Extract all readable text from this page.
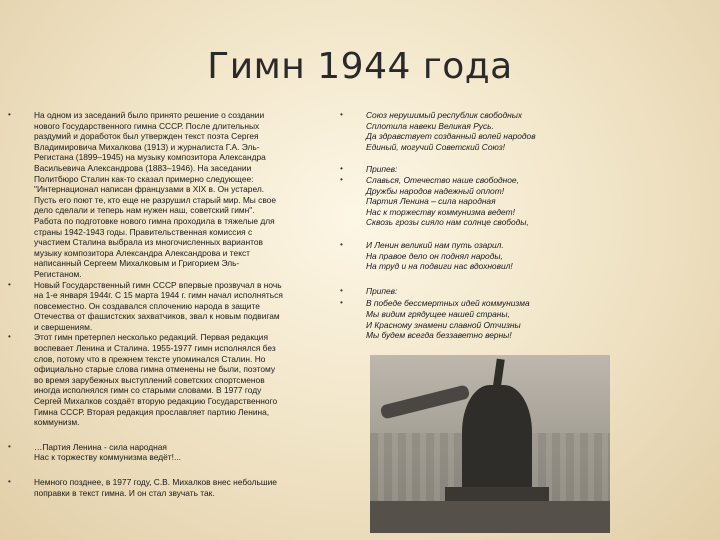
Гимн 1944 года
•	На одном из заседаний было принято решение о создании
нового Государственного гимна СССР. После длительных
раздумий и доработок был утвержден текст поэта Сергея
Владимировича Михалкова (1913) и журналиста Г.А. Эль-
Регистана (1899–1945) на музыку композитора Александра
Васильевича Александрова (1883–1946). На заседании
Политбюро Сталин как-то сказал примерно следующее:
"Интернационал написан французами в XIX в. Он устарел.
Пусть его поют те, кто еще не разрушил старый мир. Мы свое
дело сделали и теперь нам нужен наш, советский гимн".
Работа по подготовке нового гимна проходила в тяжелые для
страны 1942-1943 годы. Правительственная комиссия с
участием Сталина выбрала из многочисленных вариантов
музыку композитора Александра Александрова и текст
написанный Сергеем Михалковым и Григорием Эль-
Регистаном.
•	Новый Государственный гимн СССР впервые прозвучал в ночь
на 1-е января 1944г. С 15 марта 1944 г. гимн начал исполняться
повсеместно. Он создавался сплочению народа в защите
Отечества от фашистских захватчиков, звал к новым подвигам
и свершениям.
•	Этот гимн претерпел несколько редакций. Первая редакция
воспевает Ленина и Сталина. 1955-1977 гимн исполнялся без
слов, потому что в прежнем тексте упоминался Сталин. Но
официально старые слова гимна отменены не были, поэтому
во время зарубежных выступлений советских спортсменов
иногда исполнялся гимн со старыми словами. В 1977 году
Сергей Михалков создаёт вторую редакцию Государственного
Гимна СССР. Вторая редакция прославляет партию Ленина,
коммунизм.
•	…Партия Ленина - сила народная
Нас к торжеству коммунизма ведёт!...
•	Немного позднее, в 1977 году, С.В. Михалков внес небольшие
поправки в текст гимна. И он стал звучать так.
•	Союз нерушимый республик свободных
Сплотила навеки Великая Русь.
Да здравствует созданный волей народов
Единый, могучий Советский Союз!
•	Припев:
•	Славься, Отечество наше свободное,
Дружбы народов надежный оплот!
Партия Ленина – сила народная
Нас к торжеству коммунизма ведет!
Сквозь грозы сияло нам солнце свободы,
•	И Ленин великий нам путь озарил.
На правое дело он поднял народы,
На труд и на подвиги нас вдохновил!
•	Припев:
•	В победе бессмертных идей коммунизма
Мы видим грядущее нашей страны,
И Красному знамени славной Отчизны
Мы будем всегда беззаветно верны!
